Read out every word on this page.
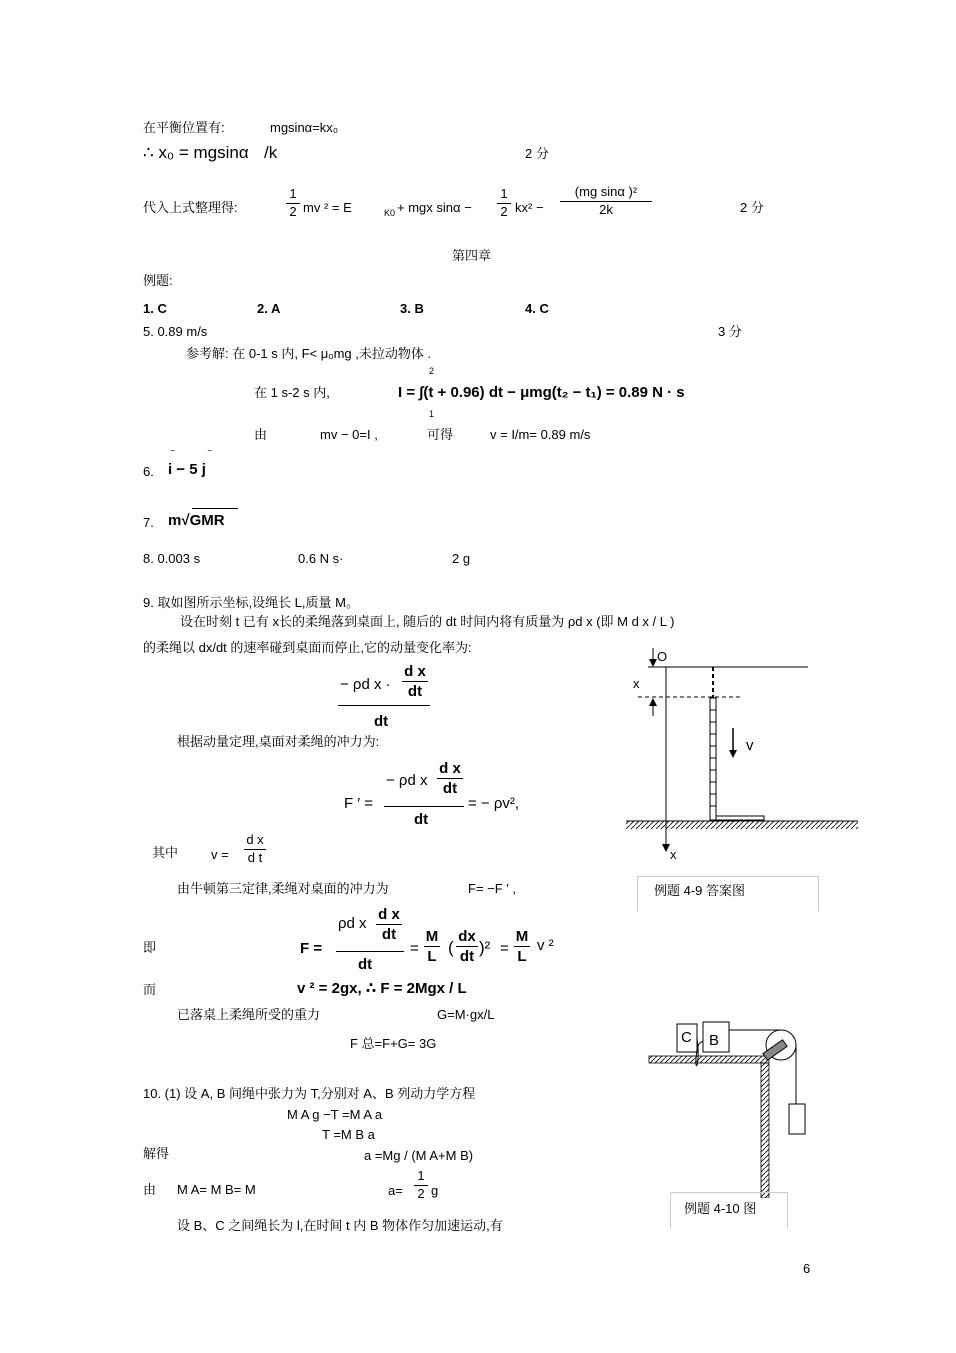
在平衡位置有:	mgsinα=kx₀
∴ x₀ = mgsinα /k	2 分
代入上式整理得:
1
2 mv ² = E	K0 + mgx sinα −
1
2 kx² −
(mg sinα )²
2k	2 分
第四章
例题:
1. C	2. A	3. B	4. C
5. 0.89 m/s	3 分
参考解: 在 0-1 s 内, F< μ₀mg ,未拉动物体 .
2
1
在 1 s-2 s 内,	I = ∫(t + 0.96) dt − μmg(t₂ − t₁) = 0.89 N · s
由	mv − 0=I ,	可得	v = I/m= 0.89 m/s
6. i − 5 j
‾	‾
7. m√GMR
8. 0.003 s	0.6 N s·	2 g
9. 取如图所示坐标,设绳长 L,质量 M。
设在时刻 t 已有 x长的柔绳落到桌面上, 随后的 dt 时间内将有质量为 ρd x (即 M d x / L )
的柔绳以 dx/dt 的速率碰到桌面而停止,它的动量变化率为:
− ρd x ·
d x
dt
dt
根据动量定理,桌面对柔绳的冲力为:
F ′ =
− ρd x
d x
dt
dt
= − ρv²,
其中	v =
d x
d t
由牛顿第三定律,柔绳对桌面的冲力为	F= −F ′ ,
即	F =
ρd x
d x
dt
dt
=
M
L (
dx
dt )² =
M
L
v ²
而	v ² = 2gx, ∴ F = 2Mgx / L
已落桌上柔绳所受的重力	G=M·gx/L
F 总=F+G= 3G
10. (1) 设 A, B 间绳中张力为 T,分别对 A、B 列动力学方程
M A g −T =M A a
T =M B a
解得	a =Mg / (M A+M B)
由 M A= M B= M	a=
1
2 g
设 B、C 之间绳长为 l,在时间 t 内 B 物体作匀加速运动,有
6
O
x
v
x
例题 4-9 答案图
C B
例题 4-10 图
